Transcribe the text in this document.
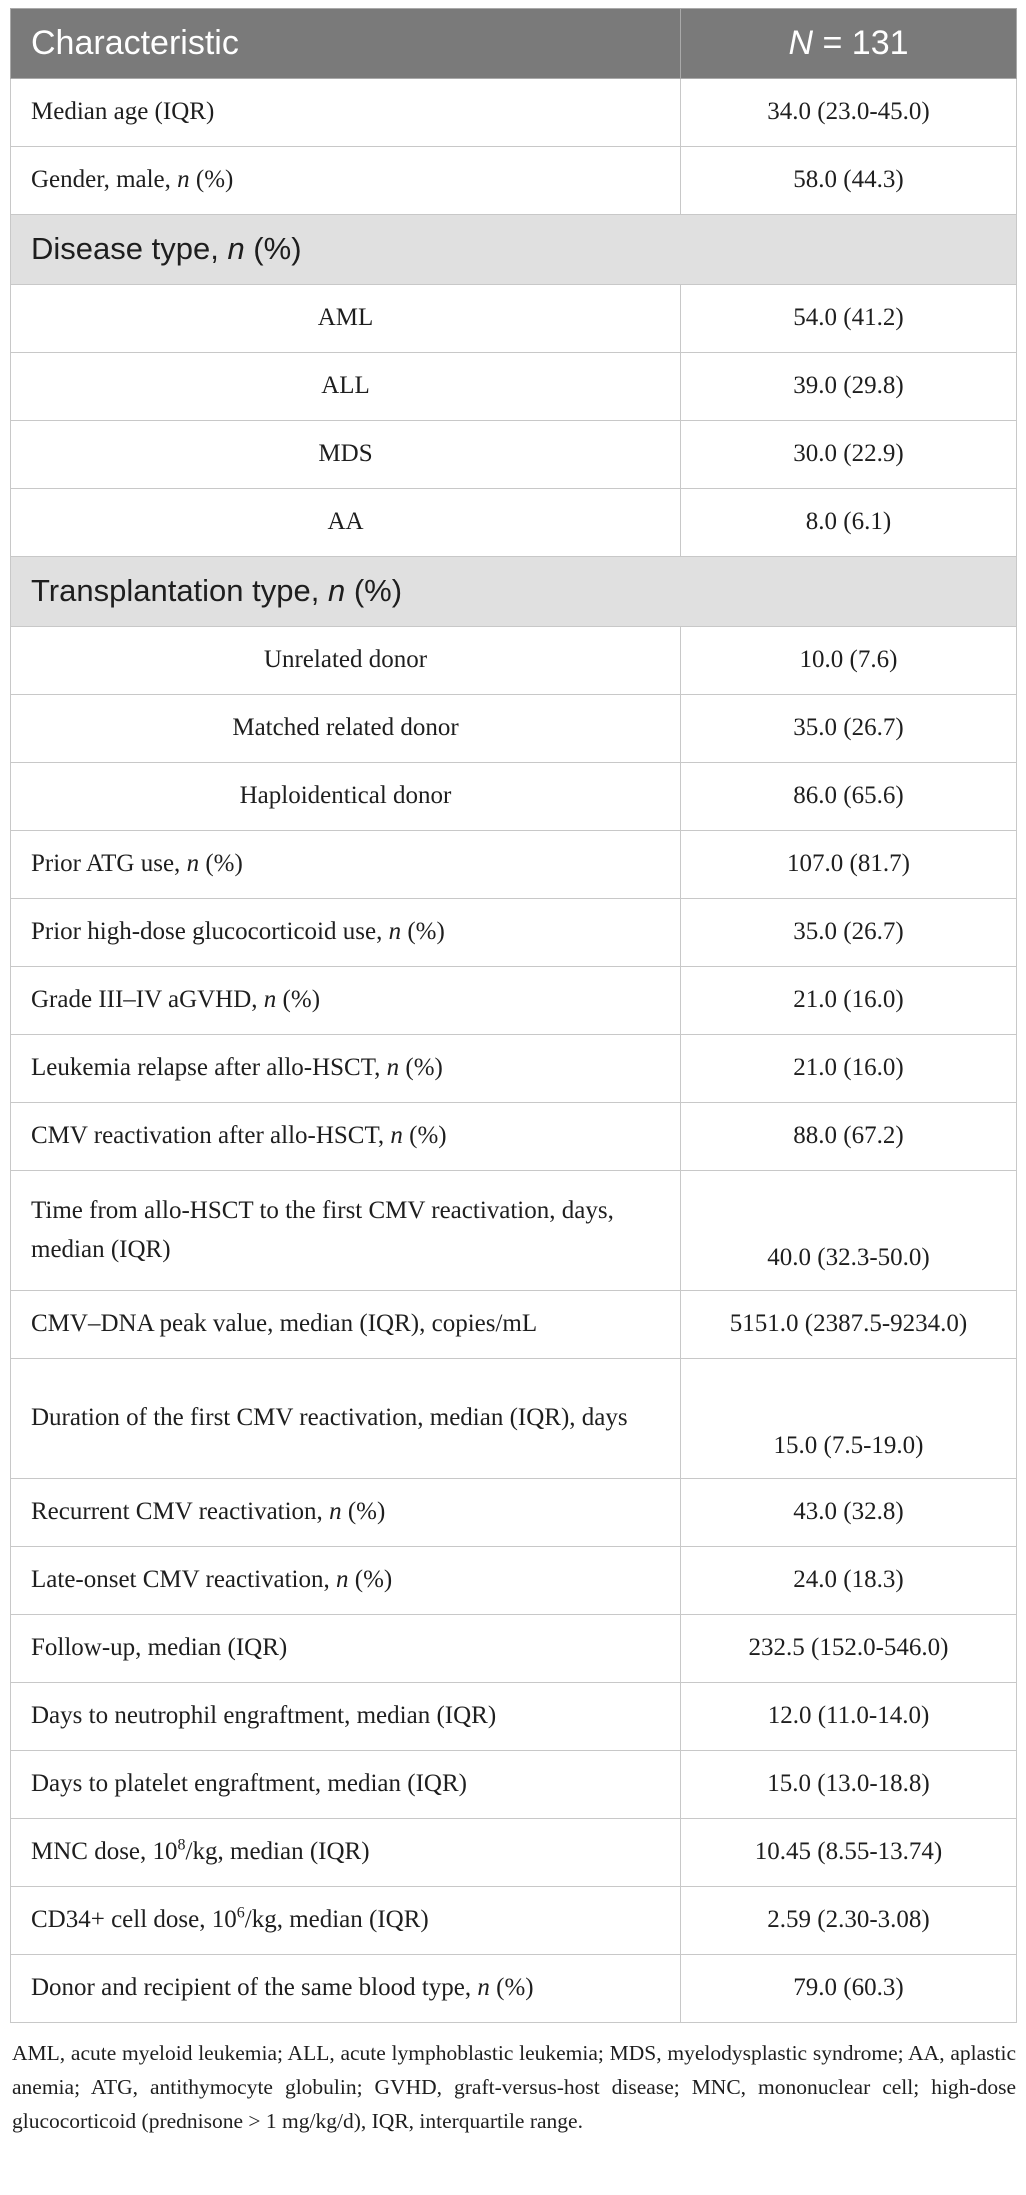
Characteristic	N = 131
Median age (IQR)	34.0 (23.0-45.0)
Gender, male, n (%)	58.0 (44.3)
Disease type, n (%)	
AML	54.0 (41.2)
ALL	39.0 (29.8)
MDS	30.0 (22.9)
AA	8.0 (6.1)
Transplantation type, n (%)	
Unrelated donor	10.0 (7.6)
Matched related donor	35.0 (26.7)
Haploidentical donor	86.0 (65.6)
Prior ATG use, n (%)	107.0 (81.7)
Prior high-dose glucocorticoid use, n (%)	35.0 (26.7)
Grade III–IV aGVHD, n (%)	21.0 (16.0)
Leukemia relapse after allo-HSCT, n (%)	21.0 (16.0)
CMV reactivation after allo-HSCT, n (%)	88.0 (67.2)
Time from allo-HSCT to the first CMV reactivation, days, median (IQR)	40.0 (32.3-50.0)
CMV–DNA peak value, median (IQR), copies/mL	5151.0 (2387.5-9234.0)
Duration of the first CMV reactivation, median (IQR), days	15.0 (7.5-19.0)
Recurrent CMV reactivation, n (%)	43.0 (32.8)
Late-onset CMV reactivation, n (%)	24.0 (18.3)
Follow-up, median (IQR)	232.5 (152.0-546.0)
Days to neutrophil engraftment, median (IQR)	12.0 (11.0-14.0)
Days to platelet engraftment, median (IQR)	15.0 (13.0-18.8)
MNC dose, $10^8/kg$, median (IQR)	10.45 (8.55-13.74)
CD34+ cell dose, $10^6/kg$, median (IQR)	2.59 (2.30-3.08)
Donor and recipient of the same blood type, n (%)	79.0 (60.3)
AML, acute myeloid leukemia; ALL, acute lymphoblastic leukemia; MDS, myelodysplastic syndrome; AA, aplastic anemia; ATG, antithymocyte globulin; GVHD, graft-versus-host disease; MNC, mononuclear cell; high-dose glucocorticoid (prednisone > 1 mg/kg/d), IQR, interquartile range.
